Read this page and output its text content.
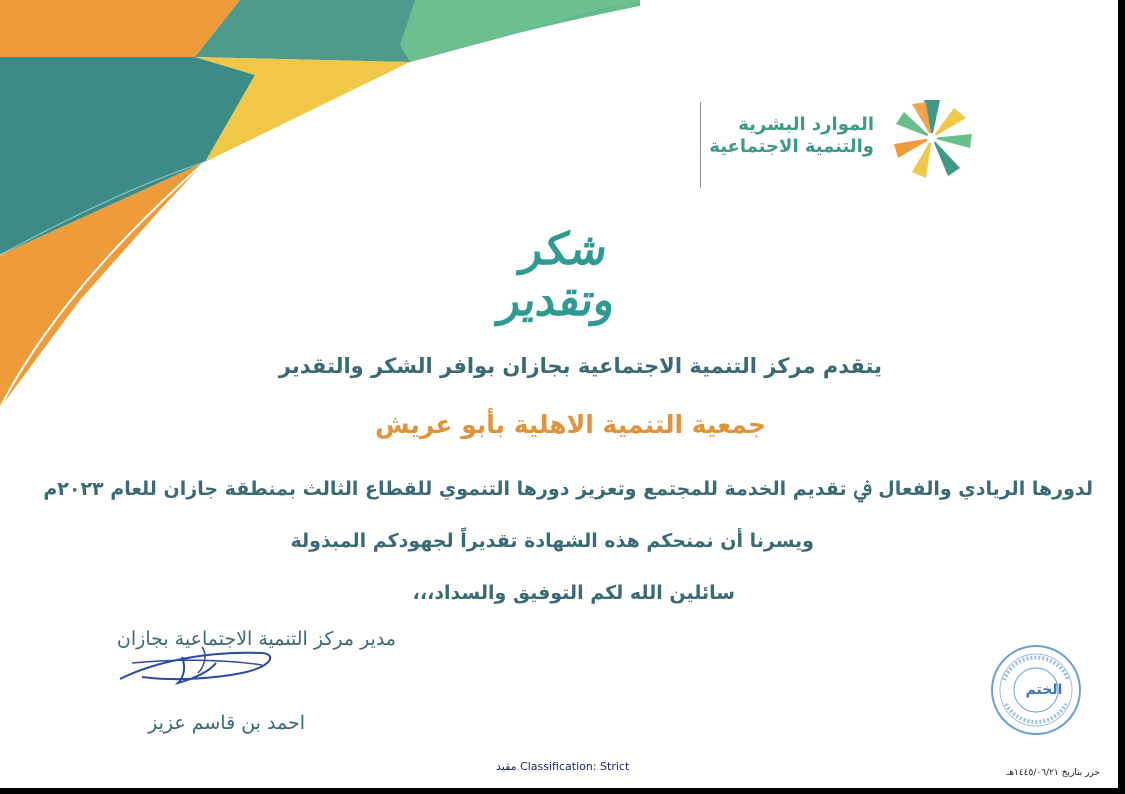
الموارد البشرية
والتنمية الاجتماعية
شكر وتقدير
يتقدم مركز التنمية الاجتماعية بجازان بوافر الشكر والتقدير
جمعية التنمية الاهلية بأبو عريش
لدورها الريادي والفعال ﰲ تقديم الخدمة للمجتمع وتعزيز دورها التنموي للقطاع الثالث بمنطقة جازان للعام ٢٠٢٣م
ويسرنا أن نمنحكم هذه الشهادة تقديراً لجهودكم المبذولة
سائلين الله لكم التوفيق والسداد،،،
مدير مركز التنمية الاجتماعية بجازان
احمد بن قاسم عزيز
الختم
مقيد Classification: Strict	حرر بتاريخ ١٤٤٥/٠٦/٢١هـ
